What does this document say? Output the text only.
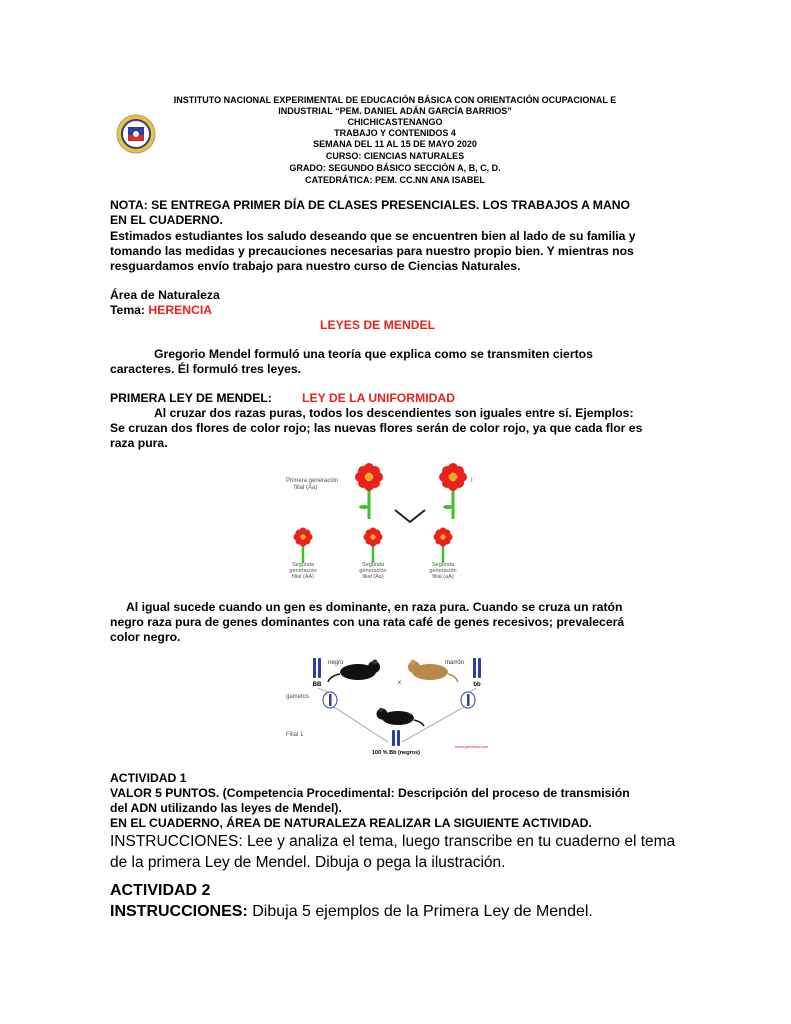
INSTITUTO NACIONAL EXPERIMENTAL DE EDUCACIÓN BÁSICA CON ORIENTACIÓN OCUPACIONAL E
INDUSTRIAL “PEM. DANIEL ADÁN GARCÍA BARRIOS”
CHICHICASTENANGO
TRABAJO Y CONTENIDOS 4
SEMANA DEL 11 AL 15 DE MAYO 2020
CURSO: CIENCIAS NATURALES
GRADO: SEGUNDO BÁSICO SECCIÓN A, B, C, D.
CATEDRÁTICA: PEM. CC.NN ANA ISABEL
NOTA: SE ENTREGA PRIMER DÍA DE CLASES PRESENCIALES. LOS TRABAJOS A MANO
EN EL CUADERNO.
Estimados estudiantes los saludo deseando que se encuentren bien al lado de su familia y
tomando las medidas y precauciones necesarias para nuestro propio bien. Y mientras nos
resguardamos envío trabajo para nuestro curso de Ciencias Naturales.
Área de Naturaleza
Tema: HERENCIA
LEYES DE MENDEL
Gregorio Mendel formuló una teoría que explica como se transmiten ciertos
caracteres. Él formuló tres leyes.
PRIMERA LEY DE MENDEL: LEY DE LA UNIFORMIDAD
Al cruzar dos razas puras, todos los descendientes son iguales entre sí. Ejemplos:
Se cruzan dos flores de color rojo; las nuevas flores serán de color rojo, ya que cada flor es
raza pura.
Primera generación
filial (Aa)
I
Segunda
generación
filial (AA)
Segunda
generación
filial (Aa)
Segunda
generación
filial (aA)
Al igual sucede cuando un gen es dominante, en raza pura. Cuando se cruza un ratón
negro raza pura de genes dominantes con una rata café de genes recesivos; prevalecerá
color negro.
negro
BB	x
marrón
bb
gametos
Filial 1
100 % Bb (negros)
www.genetica.com
ACTIVIDAD 1
VALOR 5 PUNTOS. (Competencia Procedimental: Descripción del proceso de transmisión
del ADN utilizando las leyes de Mendel).
EN EL CUADERNO, ÁREA DE NATURALEZA REALIZAR LA SIGUIENTE ACTIVIDAD.
INSTRUCCIONES: Lee y analiza el tema, luego transcribe en tu cuaderno el tema
de la primera Ley de Mendel. Dibuja o pega la ilustración.
ACTIVIDAD 2
INSTRUCCIONES: Dibuja 5 ejemplos de la Primera Ley de Mendel.
